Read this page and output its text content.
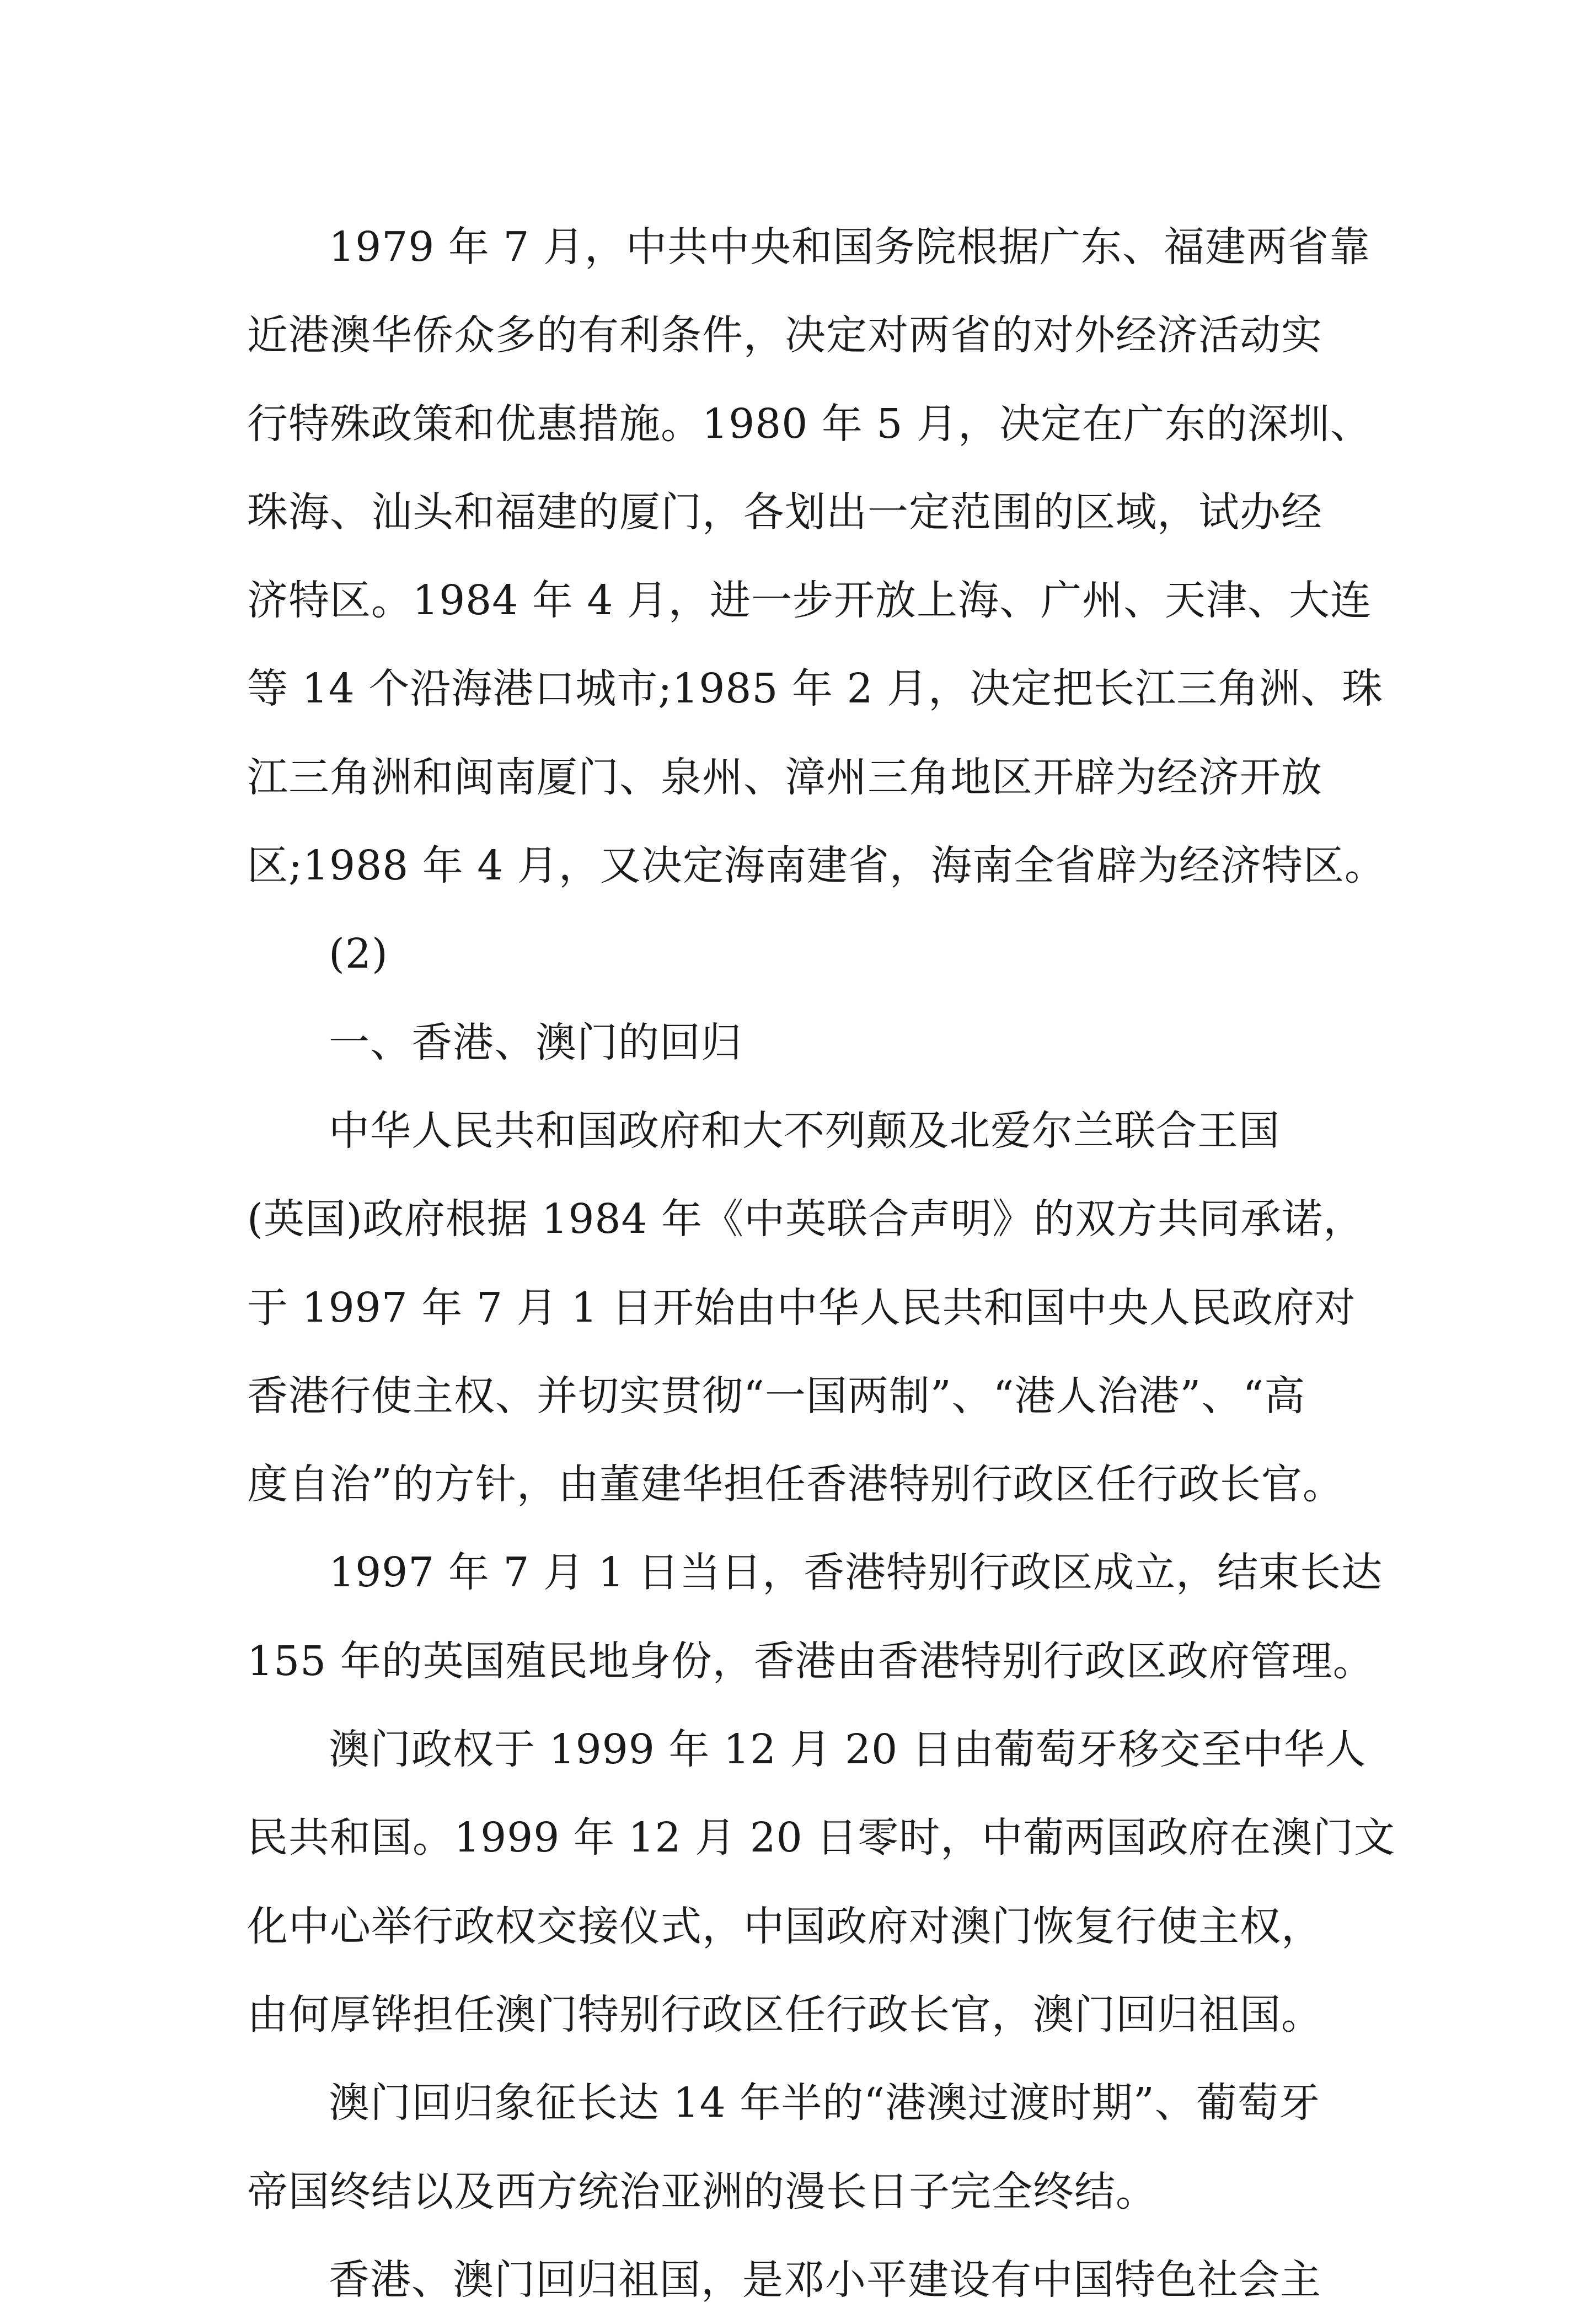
1979 年 7 月，中共中央和国务院根据广东、福建两省靠
近港澳华侨众多的有利条件，决定对两省的对外经济活动实
行特殊政策和优惠措施。1980 年 5 月，决定在广东的深圳、
珠海、汕头和福建的厦门，各划出一定范围的区域，试办经
济特区。1984 年 4 月，进一步开放上海、广州、天津、大连
等 14 个沿海港口城市;1985 年 2 月，决定把长江三角洲、珠
江三角洲和闽南厦门、泉州、漳州三角地区开辟为经济开放
区;1988 年 4 月，又决定海南建省，海南全省辟为经济特区。
(2)
一、香港、澳门的回归
中华人民共和国政府和大不列颠及北爱尔兰联合王国
(英国)政府根据 1984 年《中英联合声明》的双方共同承诺，
于 1997 年 7 月 1 日开始由中华人民共和国中央人民政府对
香港行使主权、并切实贯彻“一国两制”、“港人治港”、“高
度自治”的方针，由董建华担任香港特别行政区任行政长官。
1997 年 7 月 1 日当日，香港特别行政区成立，结束长达
155 年的英国殖民地身份，香港由香港特别行政区政府管理。
澳门政权于 1999 年 12 月 20 日由葡萄牙移交至中华人
民共和国。1999 年 12 月 20 日零时，中葡两国政府在澳门文
化中心举行政权交接仪式，中国政府对澳门恢复行使主权，
由何厚铧担任澳门特别行政区任行政长官，澳门回归祖国。
澳门回归象征长达 14 年半的“港澳过渡时期”、葡萄牙
帝国终结以及西方统治亚洲的漫长日子完全终结。
香港、澳门回归祖国，是邓小平建设有中国特色社会主
